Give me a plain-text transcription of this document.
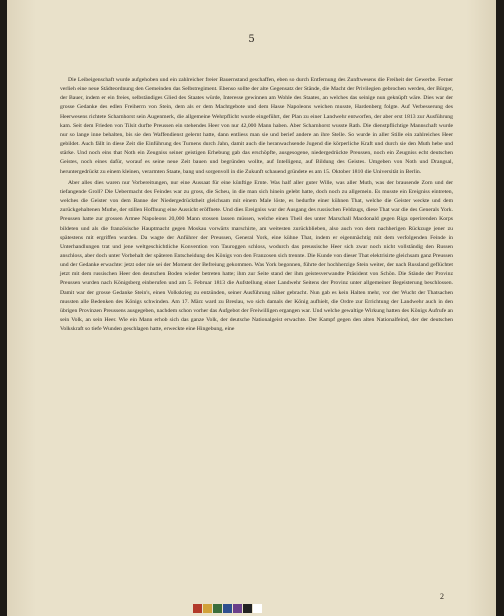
5

Die Leibeigenschaft wurde aufgehoben und ein zahlreicher freier Bauernstand geschaffen, eben so durch Entfernung des Zunftwesens die Freiheit der Gewerbe. Ferner verlieh eine neue Städteordnung den Gemeinden das Selbstregiment. Ebenso sollte der alte Gegensatz der Stände, die Macht der Privilegien gebrochen werden, der Bürger, der Bauer, indem er ein freies, selbständiges Glied des Staates würde, Interesse gewinnen am Wohle des Staates, an welches das seinige nun geknüpft wäre. Dies war der grosse Gedanke des edlen Freiherrn von Stein, dem als er dem Machtgebote und dem Hasse Napoleons weichen musste, Hardenberg folgte. Auf Verbesserung des Heerwesens richtete Scharnhorst sein Augenmerk, die allgemeine Wehrpflicht wurde eingeführt, der Plan zu einer Landwehr entworfen, der aber erst 1813 zur Ausführung kam. Seit dem Frieden von Tilsit durfte Preussen ein stehendes Heer von nur 42,000 Mann haben. Aber Scharnhorst wusste Rath. Die dienstpflichtige Mannschaft wurde nur so lange inne behalten, bis sie den Waffendienst gelernt hatte, dann entliess man sie und berief andere an ihre Stelle. So wurde in aller Stille ein zahlreiches Heer gebildet. Auch fällt in diese Zeit die Einführung des Turnens durch Jahn, damit auch die heranwachsende Jugend die körperliche Kraft und durch sie den Muth hebe und stärke. Und noch eins that Noth ein Zeugniss seiner geistigen Erhebung gab das erschöpfte, ausgesogene, niedergedrückte Preussen, noch ein Zeugniss echt deutschen Geistes, noch eines dafür, worauf es seine neue Zeit bauen und begründen wollte, auf Intelligenz, auf Bildung des Geistes. Umgeben von Noth und Drangsal, heruntergedrückt zu einem kleinen, verarmten Staate, bang und sorgenvoll in die Zukunft schauend gründete es am 15. Oktober 1810 die Universität in Berlin.

Aber alles dies waren nur Vorbereitungen, nur eine Aussaat für eine künftige Ernte. Was half aller guter Wille, was aller Muth, was der brausende Zorn und der tiefangende Groll? Die Uebermacht des Feindes war zu gross, die Scheu, in die man sich hinein gelebt hatte, doch noch zu allgemein. Es musste ein Ereigniss eintreten, welches die Geister von dem Banne der Niedergedrücktheit gleichsam mit einem Male löste, es bedurfte einer kühnen That, welche die Geister weckte und dem zurückgehaltenen Muthe, der stillen Hoffnung eine Aussicht eröffnete. Und dies Ereigniss war der Ausgang des russischen Feldzugs, diese That war die des Generals York. Preussen hatte zur grossen Armee Napoleons 20,000 Mann stossen lassen müssen, welche einen Theil des unter Marschall Macdonald gegen Riga operirenden Korps bildeten und als die französische Hauptmacht gegen Moskau vorwärts marschirte, am weitesten zurückblieben, also auch von dem nachherigen Rückzuge jener zu spätestens mit ergriffen wurden. Da wagte der Anführer der Preussen, General York, eine kühne That, indem er eigenmächtig mit dem verfolgenden Feinde in Unterhandlungen trat und jene weltgeschichtliche Konvention von Tauroggen schloss, wodurch das preussische Heer sich zwar noch nicht vollständig den Russen anschloss, aber doch unter Vorbehalt der späteren Entscheidung des Königs von den Franzosen sich trennte. Die Kunde von dieser That elektrisirte gleichsam ganz Preussen und der Gedanke erwachte: jetzt oder nie sei der Moment der Befreiung gekommen. Was York begonnen, führte der hochherzige Stein weiter, der nach Russland geflüchtet jetzt mit dem russischen Heer den deutschen Boden wieder betreten hatte; ihm zur Seite stand der ihm geistesverwandte Präsident von Schön. Die Stände der Provinz Preussen wurden nach Königsberg einberufen und am 5. Februar 1813 die Aufstellung einer Landwehr Seitens der Provinz unter allgemeiner Begeisterung beschlossen. Damit war der grosse Gedanke Stein's, einen Volkskrieg zu entzünden, seiner Ausführung näher gebracht. Nun gab es kein Halten mehr, vor der Wucht der Thatsachen mussten alle Bedenken des Königs schwinden. Am 17. März ward zu Breslau, wo sich damals der König aufhielt, die Ordre zur Errichtung der Landwehr auch in den übrigen Provinzen Preussens ausgegeben, nachdem schon vorher das Aufgebot der Freiwilligen ergangen war. Und welche gewaltige Wirkung hatten des Königs Aufrufe an sein Volk, an sein Heer. Wie ein Mann erhob sich das ganze Volk, der deutsche Nationalgeist erwachte. Der Kampf gegen den alten Nationalfeind, der der deutschen Volkskraft so tiefe Wunden geschlagen hatte, erweckte eine Hingebung, eine

2
